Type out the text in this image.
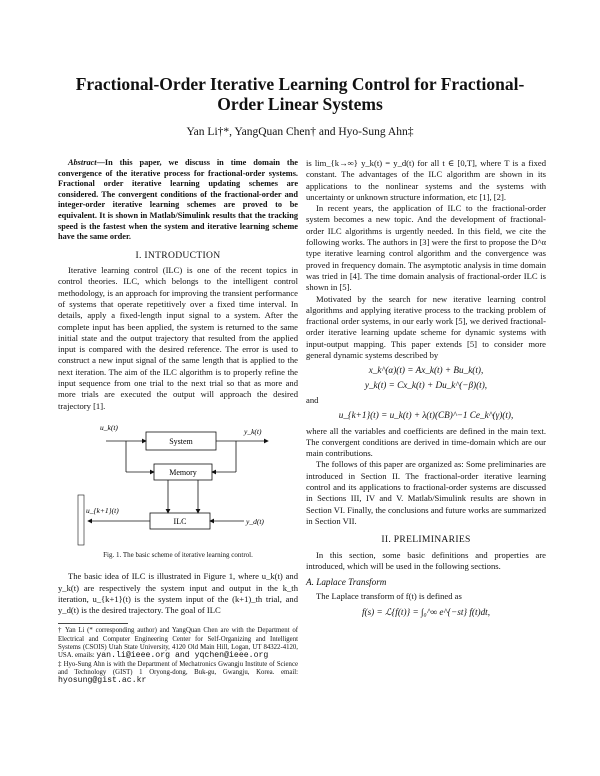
Fractional-Order Iterative Learning Control for Fractional-Order Linear Systems
Yan Li†*, YangQuan Chen† and Hyo-Sung Ahn‡

Abstract—In this paper, we discuss in time domain the convergence of the iterative process for fractional-order systems. Fractional order iterative learning updating schemes are considered. The convergent conditions of the fractional-order and integer-order iterative learning schemes are proved to be equivalent. It is shown in Matlab/Simulink results that the tracking speed is the fastest when the system and iterative learning scheme have the same order.

I. INTRODUCTION

Iterative learning control (ILC) is one of the recent topics in control theories. ILC, which belongs to the intelligent control methodology, is an approach for improving the transient performance of systems that operate repetitively over a fixed time interval. In details, apply a fixed-length input signal to a system. After the complete input has been applied, the system is returned to the same initial state and the output trajectory that resulted from the applied input is compared with the desired reference. The error is used to construct a new input signal of the same length that is applied to the next iteration. The aim of the ILC algorithm is to properly refine the input sequence from one trial to the next trial so that as more and more trials are executed the output will approach the desired trajectory [1].

System
Memory
ILC
u_k(t)	y_k(t)
y_d(t)
u_{k+1}(t)
Fig. 1. The basic scheme of iterative learning control.

The basic idea of ILC is illustrated in Figure 1, where u_k(t) and y_k(t) are respectively the system input and output in the k_th iteration, u_{k+1}(t) is the system input of the (k+1)_th trial, and y_d(t) is the desired trajectory. The goal of ILC

† Yan Li (* corresponding author) and YangQuan Chen are with the Department of Electrical and Computer Engineering Center for Self-Organizing and Intelligent Systems (CSOIS) Utah State University, 4120 Old Main Hill, Logan, UT 84322-4120, USA. emails: yan.li@ieee.org and yqchen@ieee.org

‡ Hyo-Sung Ahn is with the Department of Mechatronics Gwangju Institute of Science and Technology (GIST) 1 Oryong-dong, Buk-gu, Gwangju, Korea. email: hyosung@gist.ac.kr

is lim_{k→∞} y_k(t) = y_d(t) for all t ∈ [0,T], where T is a fixed constant. The advantages of the ILC algorithm are shown in its applications to the nonlinear systems and the systems with uncertainty or unknown structure information, etc [1], [2].

In recent years, the application of ILC to the fractional-order system becomes a new topic. And the development of fractional-order ILC algorithms is urgently needed. In this field, we cite the following works. The authors in [3] were the first to propose the D^α type iterative learning control algorithm and the convergence was proved in frequency domain. The asymptotic analysis in time domain was tried in [4]. The time domain analysis of fractional-order ILC is shown in [5].

Motivated by the search for new iterative learning control algorithms and applying iterative process to the tracking problem of fractional order systems, in our early work [5], we derived fractional-order iterative learning update scheme for dynamic systems with input-output mapping. This paper extends [5] to consider more general dynamic systems described by

x_k^(α)(t) = Ax_k(t) + Bu_k(t),
y_k(t) = Cx_k(t) + Du_k^(−β)(t),

and

u_{k+1}(t) = u_k(t) + λ(t)(CB)^−1 Ce_k^(γ)(t),

where all the variables and coefficients are defined in the main text. The convergent conditions are derived in time-domain which are our main contributions.

The follows of this paper are organized as: Some preliminaries are introduced in Section II. The fractional-order iterative learning control and its applications to fractional-order systems are discussed in Sections III, IV and V. Matlab/Simulink results are shown in Section VI. Finally, the conclusions and future works are summarized in Section VII.

II. PRELIMINARIES

In this section, some basic definitions and properties are introduced, which will be used in the following sections.

A. Laplace Transform

The Laplace transform of f(t) is defined as

f(s) = ℒ{f(t)} = ∫₀^∞ e^{−st} f(t)dt,
